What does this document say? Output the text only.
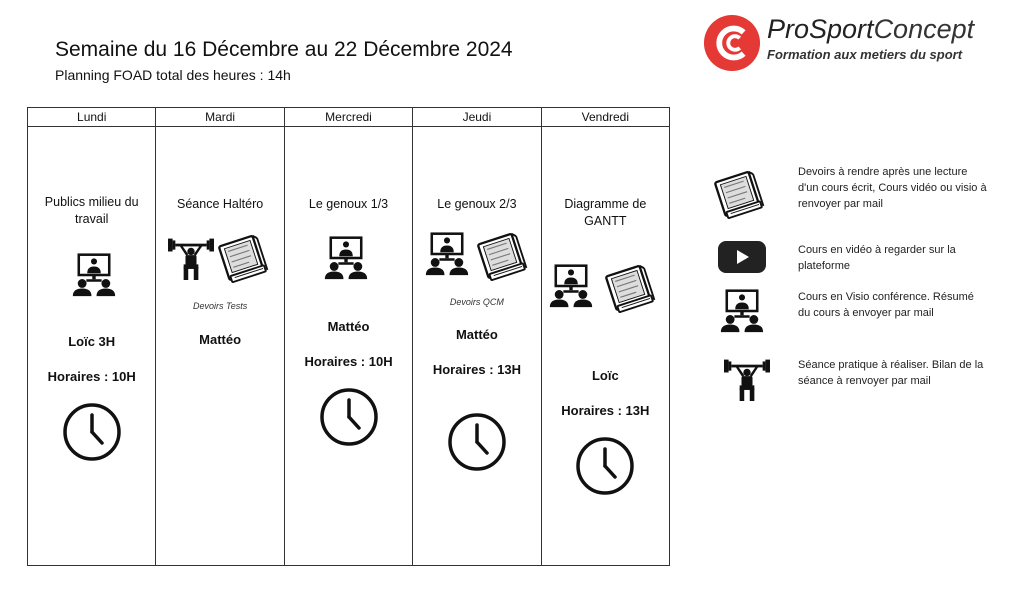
Semaine du 16 Décembre au 22 Décembre 2024
Planning FOAD total des heures : 14h
ProSportConcept
Formation aux metiers du sport
Lundi
Publics milieu du travail
Loïc 3H
Horaires : 10H
Mardi
Séance Haltéro
Devoirs Tests
Mattéo
Mercredi
Le genoux 1/3
Mattéo
Horaires : 10H
Jeudi
Le genoux 2/3
Devoirs QCM
Mattéo
Horaires : 13H
Vendredi
Diagramme de GANTT
Loïc
Horaires : 13H
Devoirs à rendre après une lecture d'un cours écrit, Cours vidéo ou visio à renvoyer par mail
Cours en vidéo à regarder sur la plateforme
Cours en Visio conférence. Résumé du cours à envoyer par mail
Séance pratique à réaliser. Bilan de la séance à renvoyer par mail
